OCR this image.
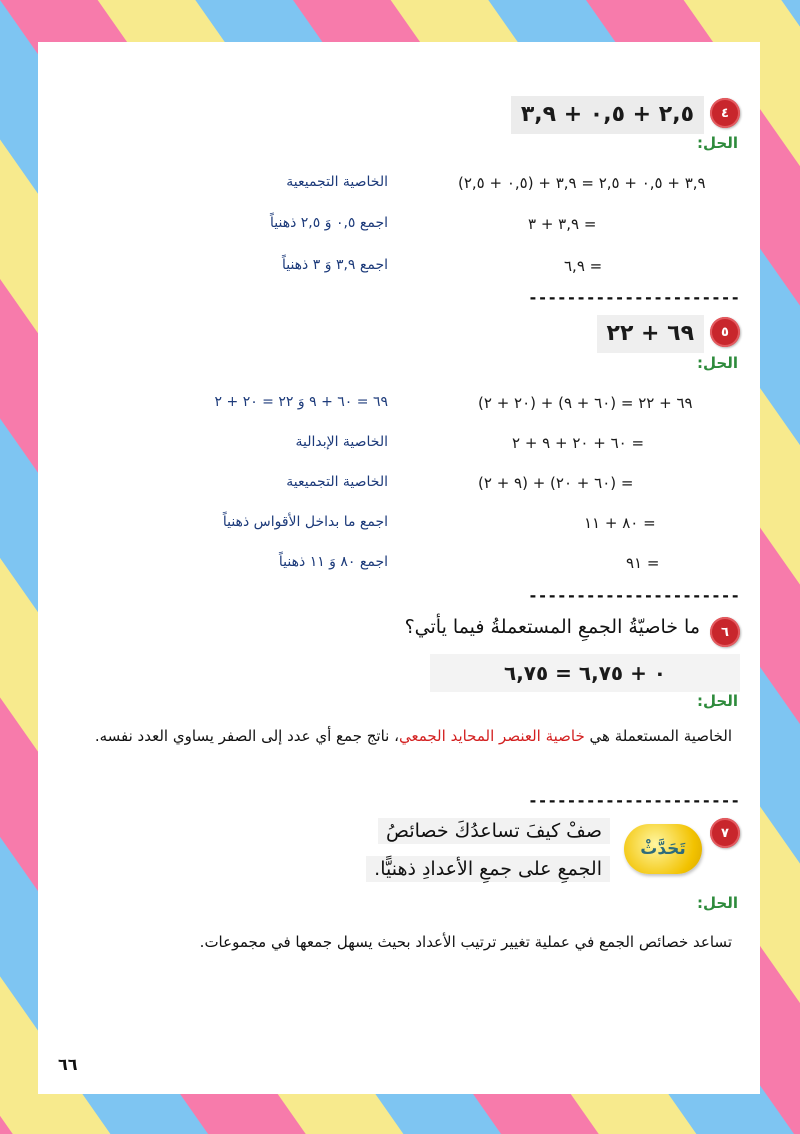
٤
٢,٥ + ٠,٥ + ٣,٩
الحل:
٣,٩ + ٠,٥ + ٢,٥ = ٣,٩ + (٠,٥ + ٢,٥)
الخاصية التجميعية
= ٣,٩ + ٣
اجمع ٠,٥ وَ ٢,٥ ذهنياً
= ٦,٩
اجمع ٣,٩ وَ ٣ ذهنياً
----------------------
٥
٦٩ + ٢٢
الحل:
٦٩ + ٢٢ = (٦٠ + ٩) + (٢٠ + ٢)
٦٩ = ٦٠ + ٩ وَ ٢٢ = ٢٠ + ٢
= ٦٠ + ٢٠ + ٩ + ٢
الخاصية الإبدالية
= (٦٠ + ٢٠) + (٩ + ٢)
الخاصية التجميعية
= ٨٠ + ١١
اجمع ما بداخل الأقواس ذهنياً
= ٩١
اجمع ٨٠ وَ ١١ ذهنياً
----------------------
٦
ما خاصيّةُ الجمعِ المستعملةُ فيما يأتي؟
٠ + ٦,٧٥ = ٦,٧٥
الحل:
الخاصية المستعملة هي خاصية العنصر المحايد الجمعي، ناتج جمع أي عدد إلى الصفر يساوي العدد نفسه.
----------------------
٧
تَحَدَّثْ
صفْ كيفَ تساعدُكَ خصائصُ
الجمعِ على جمعِ الأعدادِ ذهنيًّا.
الحل:
تساعد خصائص الجمع في عملية تغيير ترتيب الأعداد بحيث يسهل جمعها في مجموعات.
٦٦
